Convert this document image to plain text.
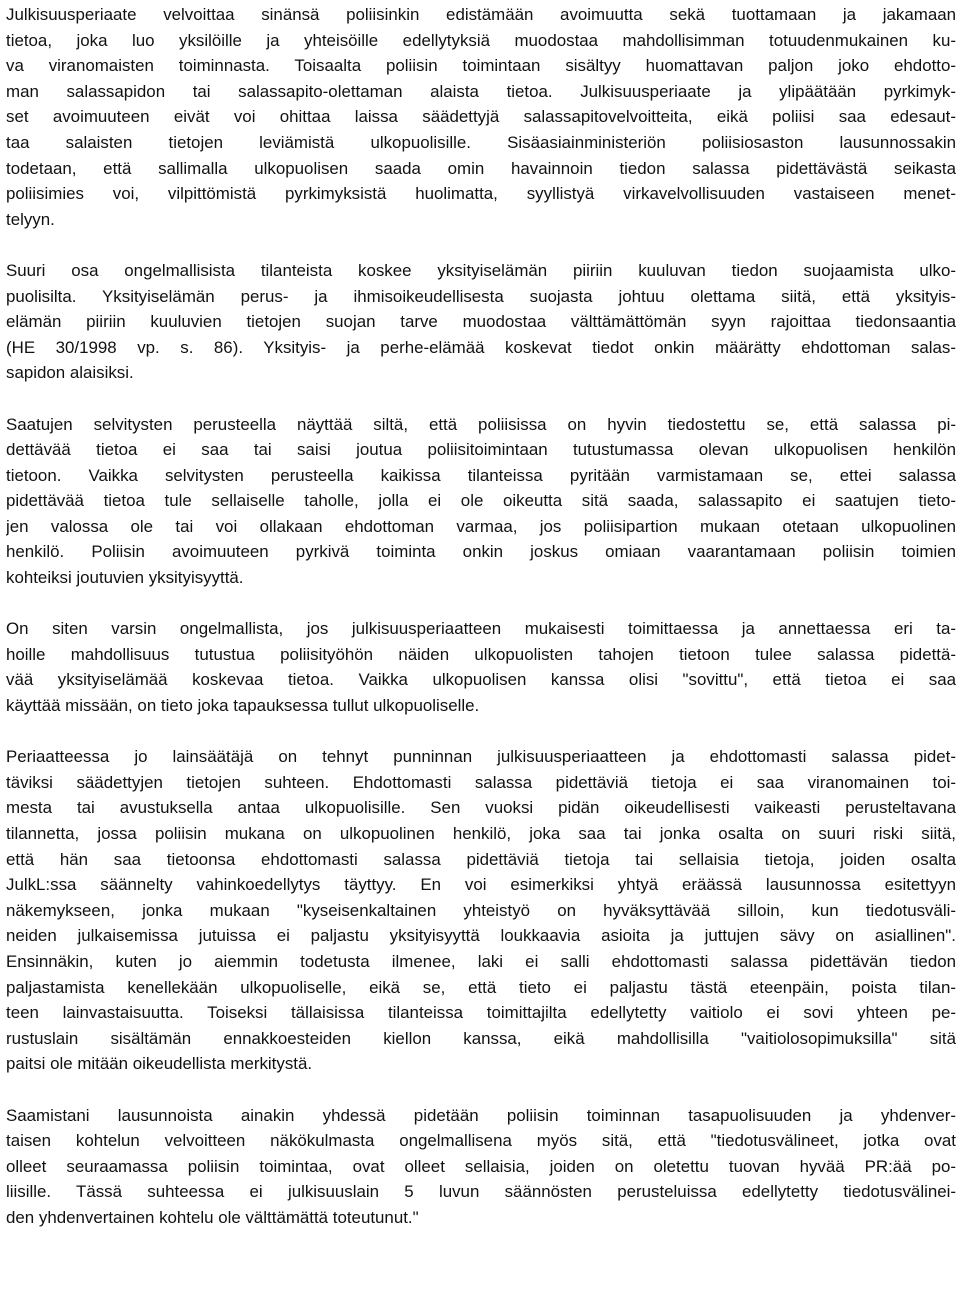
Julkisuusperiaate velvoittaa sinänsä poliisinkin edistämään avoimuutta sekä tuottamaan ja jakamaan
tietoa, joka luo yksilöille ja yhteisöille edellytyksiä muodostaa mahdollisimman totuudenmukainen ku-
va viranomaisten toiminnasta. Toisaalta poliisin toimintaan sisältyy huomattavan paljon joko ehdotto-
man salassapidon tai salassapito-olettaman alaista tietoa. Julkisuusperiaate ja ylipäätään pyrkimyk-
set avoimuuteen eivät voi ohittaa laissa säädettyjä salassapitovelvoitteita, eikä poliisi saa edesaut-
taa salaisten tietojen leviämistä ulkopuolisille. Sisäasiainministeriön poliisiosaston lausunnossakin
todetaan, että sallimalla ulkopuolisen saada omin havainnoin tiedon salassa pidettävästä seikasta
poliisimies voi, vilpittömistä pyrkimyksistä huolimatta, syyllistyä virkavelvollisuuden vastaiseen menet-
telyyn.
Suuri osa ongelmallisista tilanteista koskee yksityiselämän piiriin kuuluvan tiedon suojaamista ulko-
puolisilta. Yksityiselämän perus- ja ihmisoikeudellisesta suojasta johtuu olettama siitä, että yksityis-
elämän piiriin kuuluvien tietojen suojan tarve muodostaa välttämättömän syyn rajoittaa tiedonsaantia
(HE 30/1998 vp. s. 86). Yksityis- ja perhe-elämää koskevat tiedot onkin määrätty ehdottoman salas-
sapidon alaisiksi.
Saatujen selvitysten perusteella näyttää siltä, että poliisissa on hyvin tiedostettu se, että salassa pi-
dettävää tietoa ei saa tai saisi joutua poliisitoimintaan tutustumassa olevan ulkopuolisen henkilön
tietoon. Vaikka selvitysten perusteella kaikissa tilanteissa pyritään varmistamaan se, ettei salassa
pidettävää tietoa tule sellaiselle taholle, jolla ei ole oikeutta sitä saada, salassapito ei saatujen tieto-
jen valossa ole tai voi ollakaan ehdottoman varmaa, jos poliisipartion mukaan otetaan ulkopuolinen
henkilö. Poliisin avoimuuteen pyrkivä toiminta onkin joskus omiaan vaarantamaan poliisin toimien
kohteiksi joutuvien yksityisyyttä.
On siten varsin ongelmallista, jos julkisuusperiaatteen mukaisesti toimittaessa ja annettaessa eri ta-
hoille mahdollisuus tutustua poliisityöhön näiden ulkopuolisten tahojen tietoon tulee salassa pidettä-
vää yksityiselämää koskevaa tietoa. Vaikka ulkopuolisen kanssa olisi "sovittu", että tietoa ei saa
käyttää missään, on tieto joka tapauksessa tullut ulkopuoliselle.
Periaatteessa jo lainsäätäjä on tehnyt punninnan julkisuusperiaatteen ja ehdottomasti salassa pidet-
täviksi säädettyjen tietojen suhteen. Ehdottomasti salassa pidettäviä tietoja ei saa viranomainen toi-
mesta tai avustuksella antaa ulkopuolisille. Sen vuoksi pidän oikeudellisesti vaikeasti perusteltavana
tilannetta, jossa poliisin mukana on ulkopuolinen henkilö, joka saa tai jonka osalta on suuri riski siitä,
että hän saa tietoonsa ehdottomasti salassa pidettäviä tietoja tai sellaisia tietoja, joiden osalta
JulkL:ssa säännelty vahinkoedellytys täyttyy. En voi esimerkiksi yhtyä eräässä lausunnossa esitettyyn
näkemykseen, jonka mukaan "kyseisenkaltainen yhteistyö on hyväksyttävää silloin, kun tiedotusväli-
neiden julkaisemissa jutuissa ei paljastu yksityisyyttä loukkaavia asioita ja juttujen sävy on asiallinen".
Ensinnäkin, kuten jo aiemmin todetusta ilmenee, laki ei salli ehdottomasti salassa pidettävän tiedon
paljastamista kenellekään ulkopuoliselle, eikä se, että tieto ei paljastu tästä eteenpäin, poista tilan-
teen lainvastaisuutta. Toiseksi tällaisissa tilanteissa toimittajilta edellytetty vaitiolo ei sovi yhteen pe-
rustuslain sisältämän ennakkoesteiden kiellon kanssa, eikä mahdollisilla "vaitiolosopimuksilla" sitä
paitsi ole mitään oikeudellista merkitystä.
Saamistani lausunnoista ainakin yhdessä pidetään poliisin toiminnan tasapuolisuuden ja yhdenver-
taisen kohtelun velvoitteen näkökulmasta ongelmallisena myös sitä, että "tiedotusvälineet, jotka ovat
olleet seuraamassa poliisin toimintaa, ovat olleet sellaisia, joiden on oletettu tuovan hyvää PR:ää po-
liisille. Tässä suhteessa ei julkisuuslain 5 luvun säännösten perusteluissa edellytetty tiedotusvälinei-
den yhdenvertainen kohtelu ole välttämättä toteutunut."
